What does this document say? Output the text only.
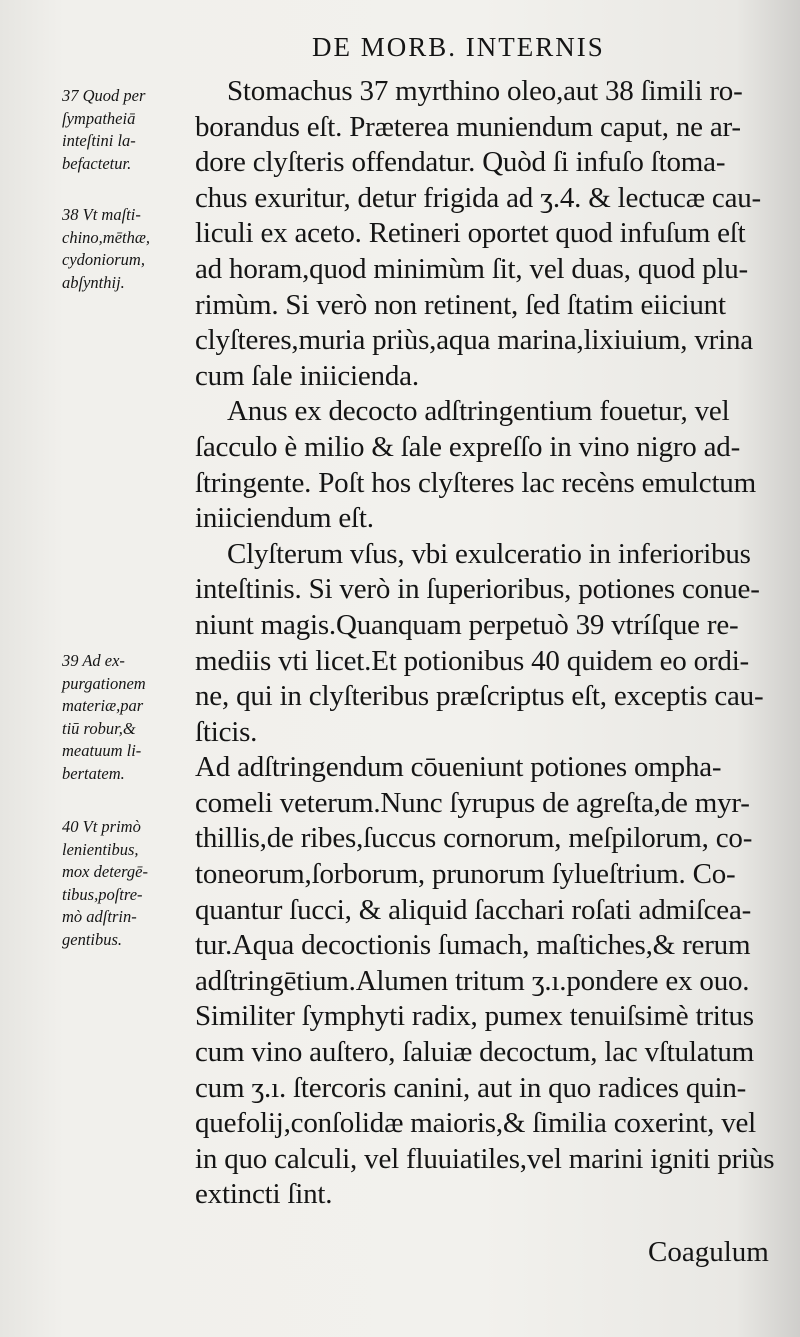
DE MORB. INTERNIS
37 Quod per
ſympatheiā
inteſtini la-
befactetur.
38 Vt maſti-
chino,mēthæ,
cydoniorum,
abſynthij.
39 Ad ex-
purgationem
materiæ,par
tiū robur,&
meatuum li-
bertatem.
40 Vt primò
lenientibus,
mox detergē-
tibus,poſtre-
mò adſtrin-
gentibus.

Stomachus 37 myrthino oleo,aut 38 ſimili ro-
borandus eſt. Præterea muniendum caput, ne ar-
dore clyſteris offendatur. Quòd ſi infuſo ſtoma-
chus exuritur, detur frigida ad ʒ.4. & lectucæ cau-
liculi ex aceto. Retineri oportet quod infuſum eſt
ad horam,quod minimùm ſit, vel duas, quod plu-
rimùm. Si verò non retinent, ſed ſtatim eiiciunt
clyſteres,muria priùs,aqua marina,lixiuium, vrina
cum ſale iniicienda.

Anus ex decocto adſtringentium fouetur, vel
ſacculo è milio & ſale expreſſo in vino nigro ad-
ſtringente. Poſt hos clyſteres lac recèns emulctum
iniiciendum eſt.

Clyſterum vſus, vbi exulceratio in inferioribus
inteſtinis. Si verò in ſuperioribus, potiones conue-
niunt magis.Quanquam perpetuò 39 vtríſque re-
mediis vti licet.Et potionibus 40 quidem eo ordi-
ne, qui in clyſteribus præſcriptus eſt, exceptis cau-
ſticis.

Ad adſtringendum cōueniunt potiones ompha-
comeli veterum.Nunc ſyrupus de agreſta,de myr-
thillis,de ribes,ſuccus cornorum, meſpilorum, co-
toneorum,ſorborum, prunorum ſylueſtrium. Co-
quantur ſucci, & aliquid ſacchari roſati admiſcea-
tur.Aqua decoctionis ſumach, maſtiches,& rerum
adſtringētium.Alumen tritum ʒ.ı.pondere ex ouo.
Similiter ſymphyti radix, pumex tenuiſsimè tritus
cum vino auſtero, ſaluiæ decoctum, lac vſtulatum
cum ʒ.ı. ſtercoris canini, aut in quo radices quin-
quefolij,conſolidæ maioris,& ſimilia coxerint, vel
in quo calculi, vel fluuiatiles,vel marini igniti priùs
extincti ſint.

Coagulum
